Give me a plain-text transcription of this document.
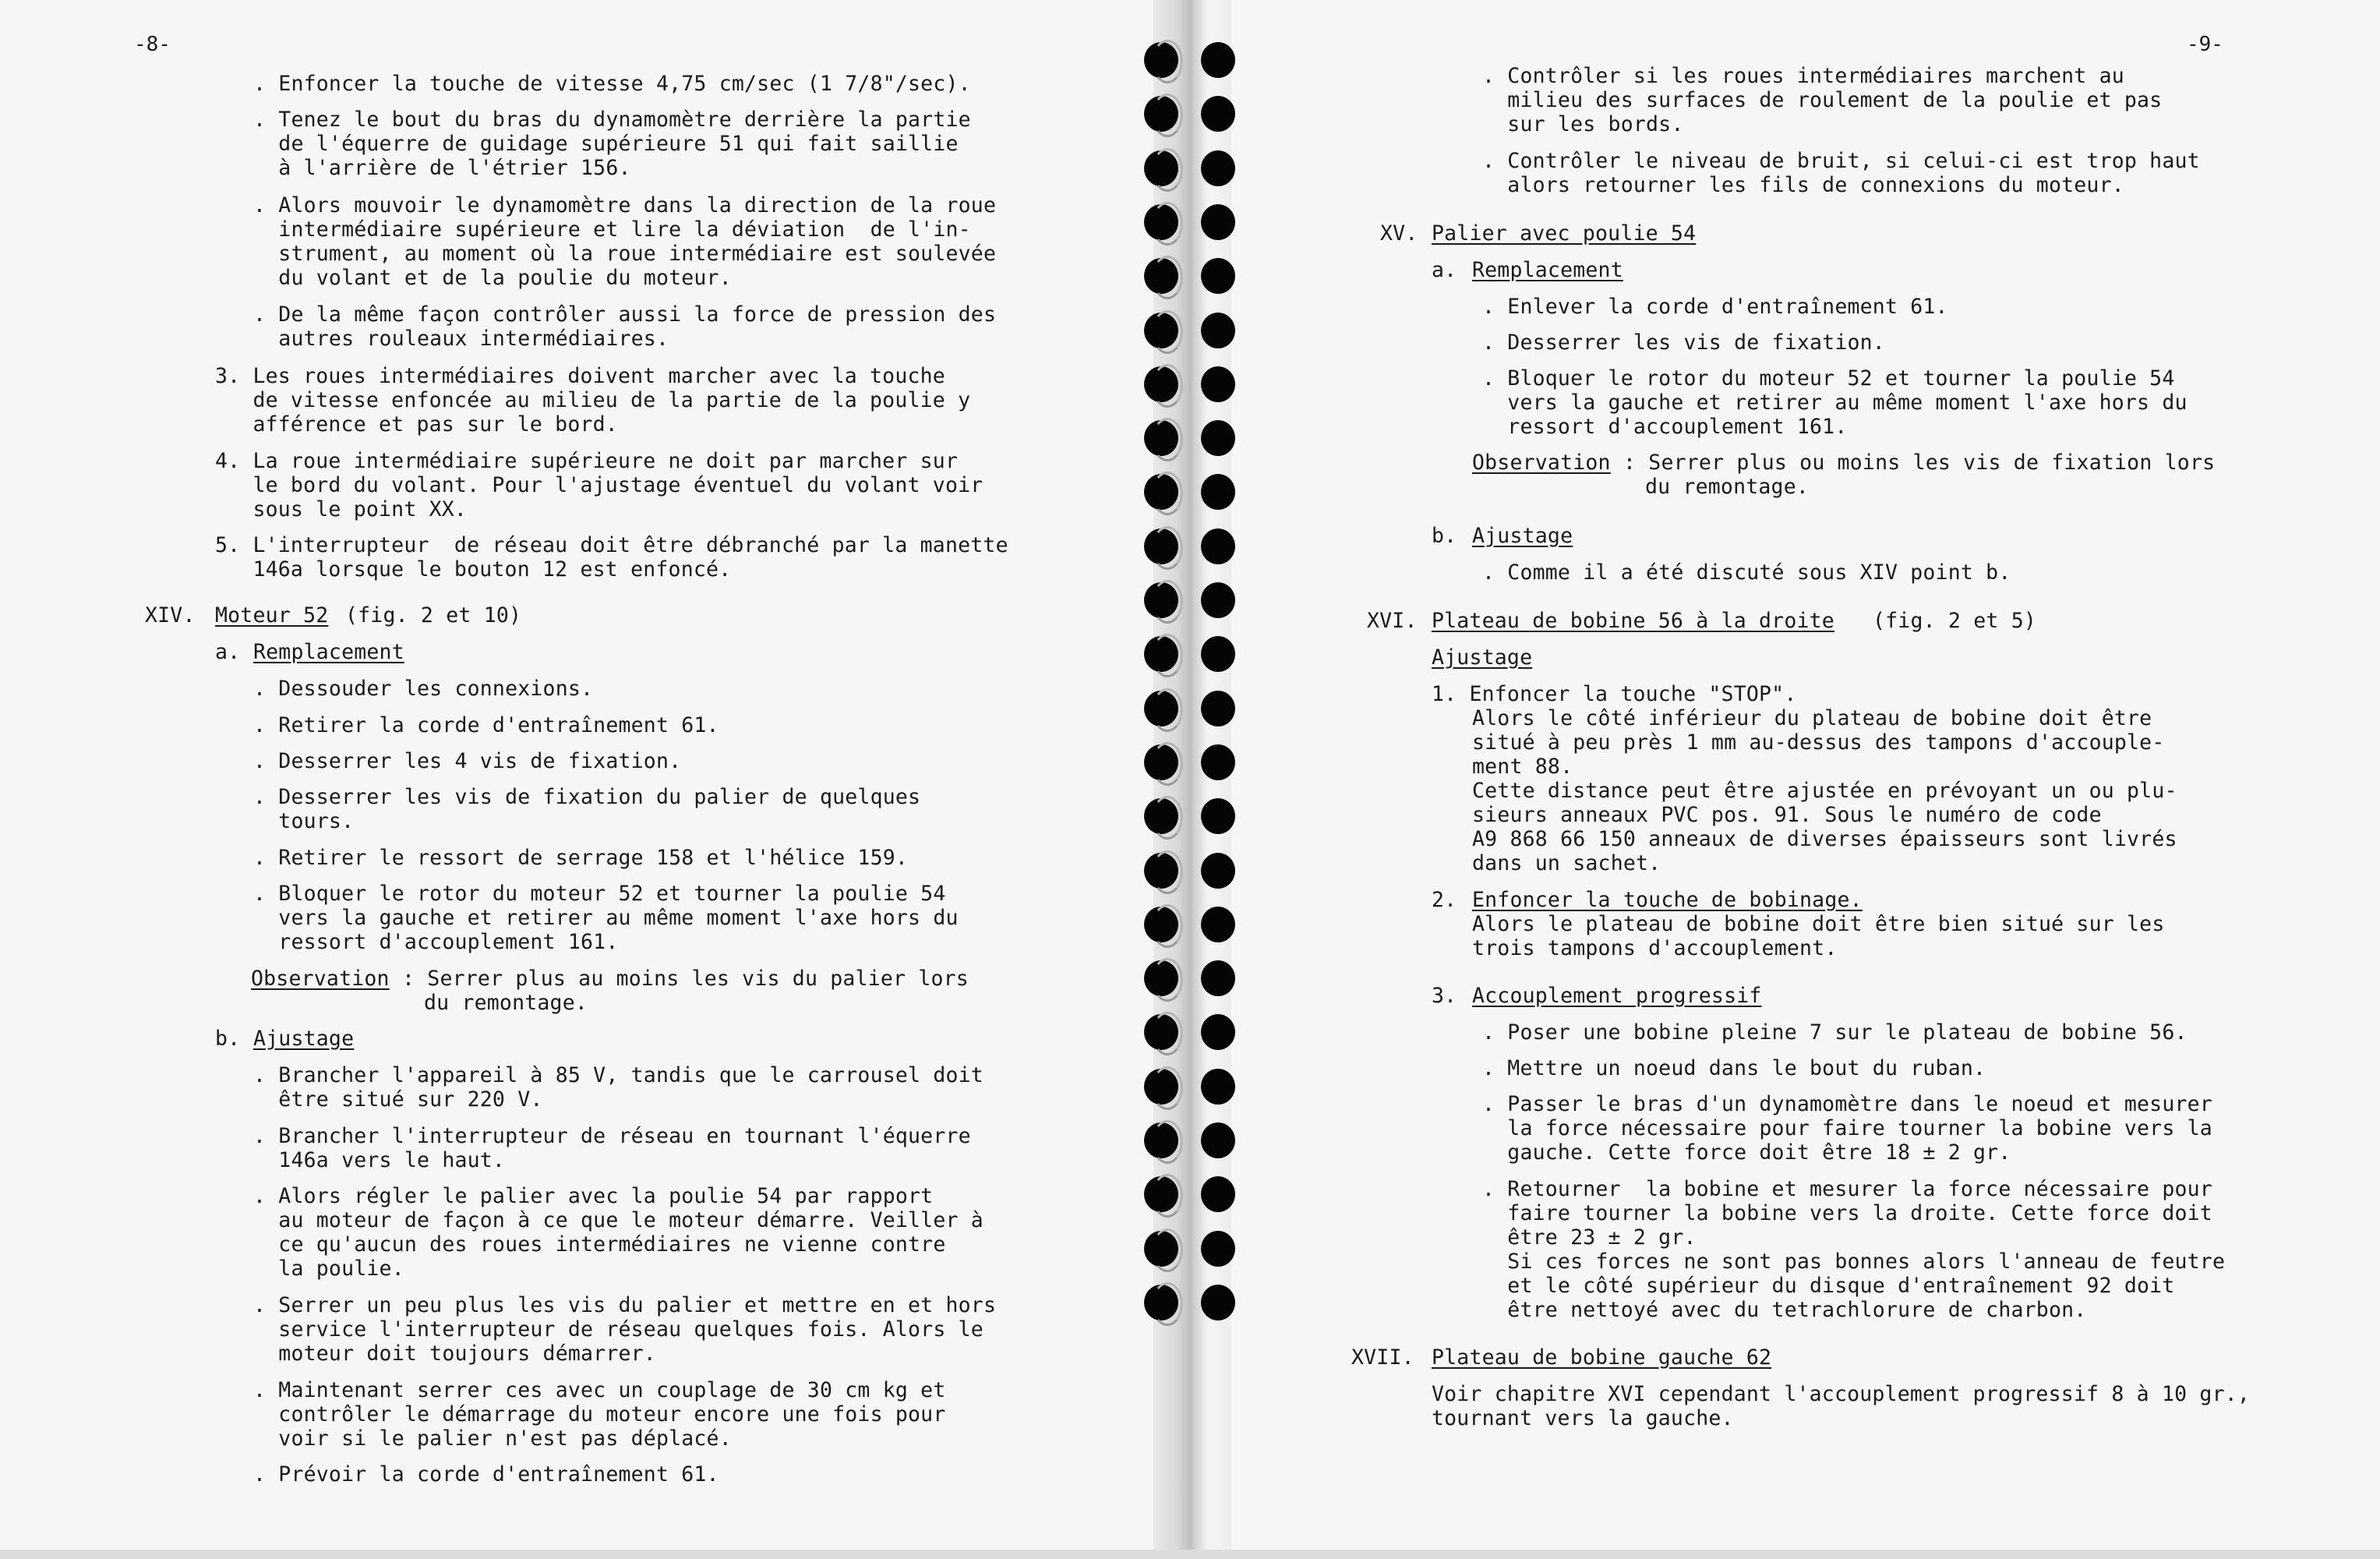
-8-	-9-
. Enfoncer la touche de vitesse 4,75 cm/sec (1 7/8"/sec).
. Tenez le bout du bras du dynamomètre derrière la partie
de l'équerre de guidage supérieure 51 qui fait saillie
à l'arrière de l'étrier 156.
. Alors mouvoir le dynamomètre dans la direction de la roue
intermédiaire supérieure et lire la déviation  de l'in-
strument, au moment où la roue intermédiaire est soulevée
du volant et de la poulie du moteur.
. De la même façon contrôler aussi la force de pression des
autres rouleaux intermédiaires.
3. Les roues intermédiaires doivent marcher avec la touche
de vitesse enfoncée au milieu de la partie de la poulie y
afférence et pas sur le bord.
4. La roue intermédiaire supérieure ne doit par marcher sur
le bord du volant. Pour l'ajustage éventuel du volant voir
sous le point XX.
5. L'interrupteur  de réseau doit être débranché par la manette
146a lorsque le bouton 12 est enfoncé.
XIV. Moteur 52 (fig. 2 et 10)
a. Remplacement
. Dessouder les connexions.
. Retirer la corde d'entraînement 61.
. Desserrer les 4 vis de fixation.
. Desserrer les vis de fixation du palier de quelques
tours.
. Retirer le ressort de serrage 158 et l'hélice 159.
. Bloquer le rotor du moteur 52 et tourner la poulie 54
vers la gauche et retirer au même moment l'axe hors du
ressort d'accouplement 161.
Observation : Serrer plus au moins les vis du palier lors
du remontage.
b. Ajustage
. Brancher l'appareil à 85 V, tandis que le carrousel doit
être situé sur 220 V.
. Brancher l'interrupteur de réseau en tournant l'équerre
146a vers le haut.
. Alors régler le palier avec la poulie 54 par rapport
au moteur de façon à ce que le moteur démarre. Veiller à
ce qu'aucun des roues intermédiaires ne vienne contre
la poulie.
. Serrer un peu plus les vis du palier et mettre en et hors
service l'interrupteur de réseau quelques fois. Alors le
moteur doit toujours démarrer.
. Maintenant serrer ces avec un couplage de 30 cm kg et
contrôler le démarrage du moteur encore une fois pour
voir si le palier n'est pas déplacé.
. Prévoir la corde d'entraînement 61.
. Contrôler si les roues intermédiaires marchent au
milieu des surfaces de roulement de la poulie et pas
sur les bords.
. Contrôler le niveau de bruit, si celui-ci est trop haut
alors retourner les fils de connexions du moteur.
XV. Palier avec poulie 54
a. Remplacement
. Enlever la corde d'entraînement 61.
. Desserrer les vis de fixation.
. Bloquer le rotor du moteur 52 et tourner la poulie 54
vers la gauche et retirer au même moment l'axe hors du
ressort d'accouplement 161.
Observation : Serrer plus ou moins les vis de fixation lors
du remontage.
b. Ajustage
. Comme il a été discuté sous XIV point b.
XVI. Plateau de bobine 56 à la droite (fig. 2 et 5)
Ajustage
1. Enfoncer la touche "STOP".
Alors le côté inférieur du plateau de bobine doit être
situé à peu près 1 mm au-dessus des tampons d'accouple-
ment 88.
Cette distance peut être ajustée en prévoyant un ou plu-
sieurs anneaux PVC pos. 91. Sous le numéro de code
A9 868 66 150 anneaux de diverses épaisseurs sont livrés
dans un sachet.
2. Enfoncer la touche de bobinage.
Alors le plateau de bobine doit être bien situé sur les
trois tampons d'accouplement.
3. Accouplement progressif
. Poser une bobine pleine 7 sur le plateau de bobine 56.
. Mettre un noeud dans le bout du ruban.
. Passer le bras d'un dynamomètre dans le noeud et mesurer
la force nécessaire pour faire tourner la bobine vers la
gauche. Cette force doit être 18 ± 2 gr.
. Retourner  la bobine et mesurer la force nécessaire pour
faire tourner la bobine vers la droite. Cette force doit
être 23 ± 2 gr.
Si ces forces ne sont pas bonnes alors l'anneau de feutre
et le côté supérieur du disque d'entraînement 92 doit
être nettoyé avec du tetrachlorure de charbon.
XVII. Plateau de bobine gauche 62
Voir chapitre XVI cependant l'accouplement progressif 8 à 10 gr.,
tournant vers la gauche.
